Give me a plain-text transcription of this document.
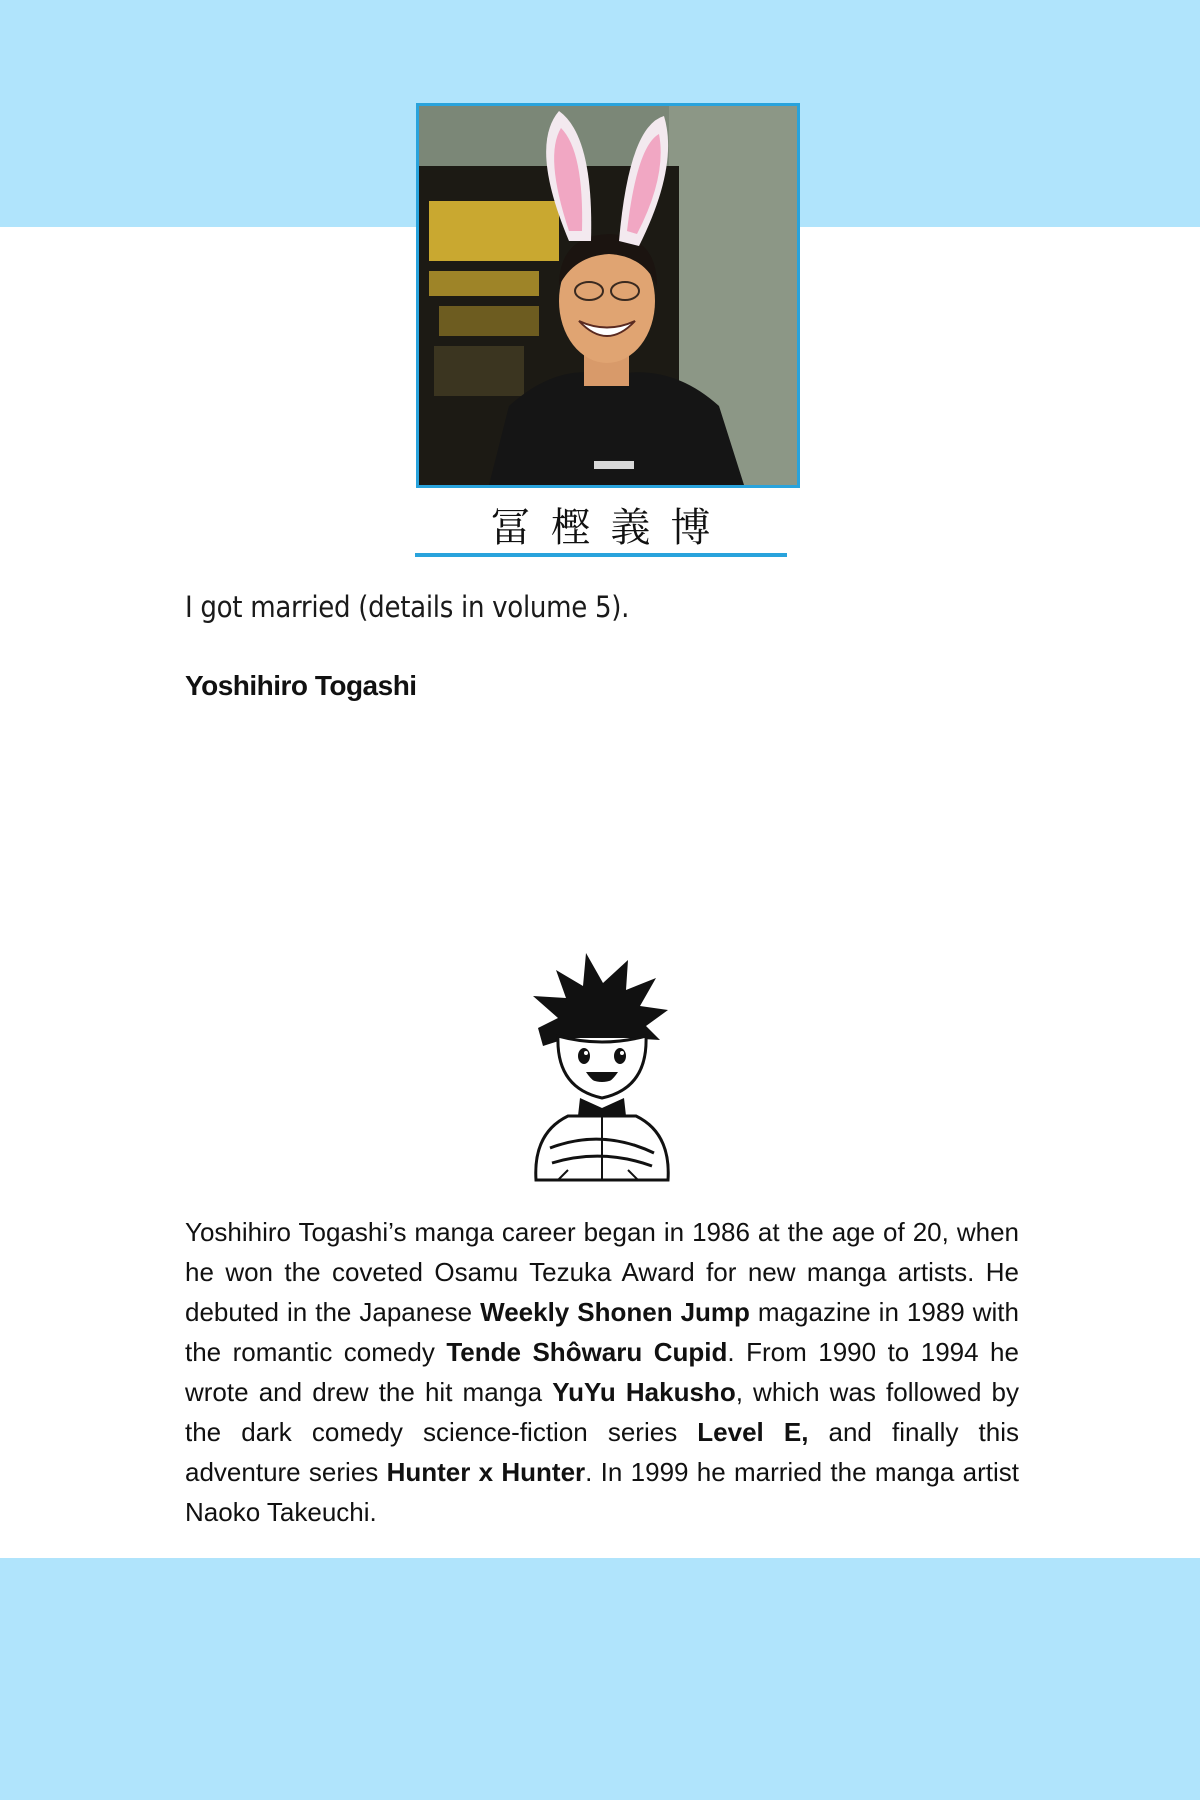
冨樫義博
I got married (details in volume 5).
Yoshihiro Togashi
Yoshihiro Togashi’s manga career began in 1986 at the age of 20, when he won the coveted Osamu Tezuka Award for new manga artists. He debuted in the Japanese Weekly Shonen Jump magazine in 1989 with the romantic comedy Tende Shôwaru Cupid. From 1990 to 1994 he wrote and drew the hit manga YuYu Hakusho, which was followed by the dark comedy science-fiction series Level E, and finally this adventure series Hunter x Hunter. In 1999 he married the manga artist Naoko Takeuchi.
